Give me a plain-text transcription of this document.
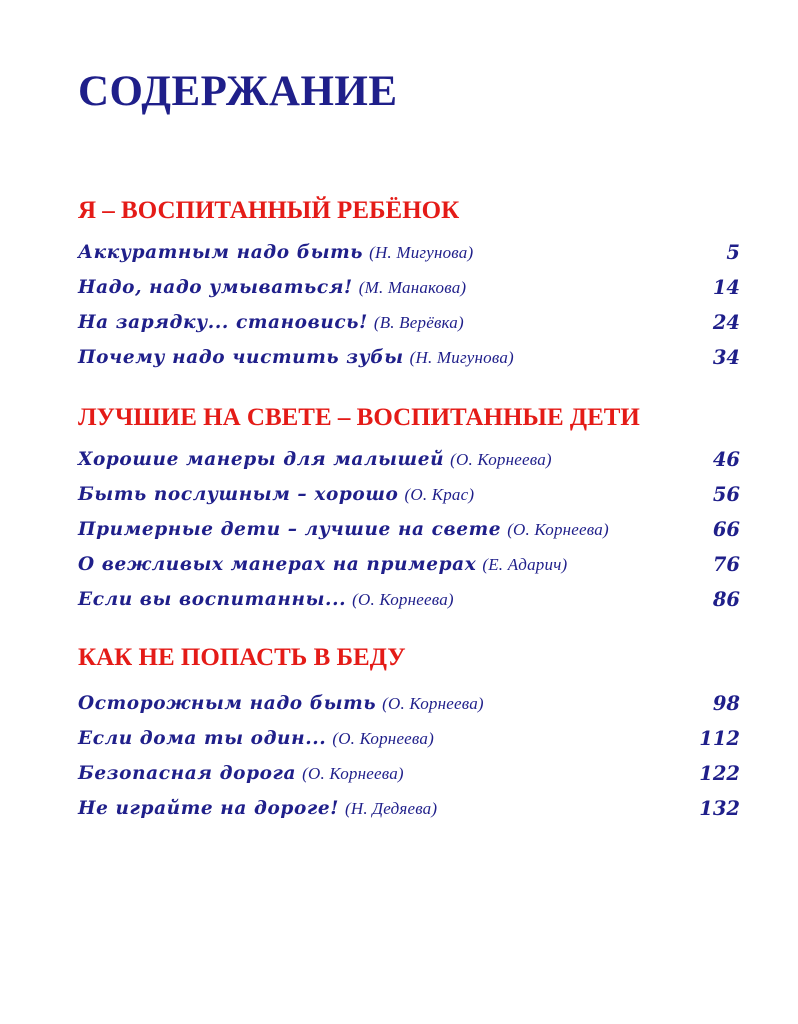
СОДЕРЖАНИЕ
Я – ВОСПИТАННЫЙ РЕБЁНОК
Аккуратным надо быть (Н. Мигунова)	5
Надо, надо умываться! (М. Манакова)	14
На зарядку... становись! (В. Верёвка)	24
Почему надо чистить зубы (Н. Мигунова)	34
ЛУЧШИЕ НА СВЕТЕ – ВОСПИТАННЫЕ ДЕТИ
Хорошие манеры для малышей (О. Корнеева)	46
Быть послушным – хорошо (О. Крас)	56
Примерные дети – лучшие на свете (О. Корнеева)	66
О вежливых манерах на примерах (Е. Адарич)	76
Если вы воспитанны... (О. Корнеева)	86
КАК НЕ ПОПАСТЬ В БЕДУ
Осторожным надо быть (О. Корнеева)	98
Если дома ты один... (О. Корнеева)	112
Безопасная дорога (О. Корнеева)	122
Не играйте на дороге! (Н. Дедяева)	132
